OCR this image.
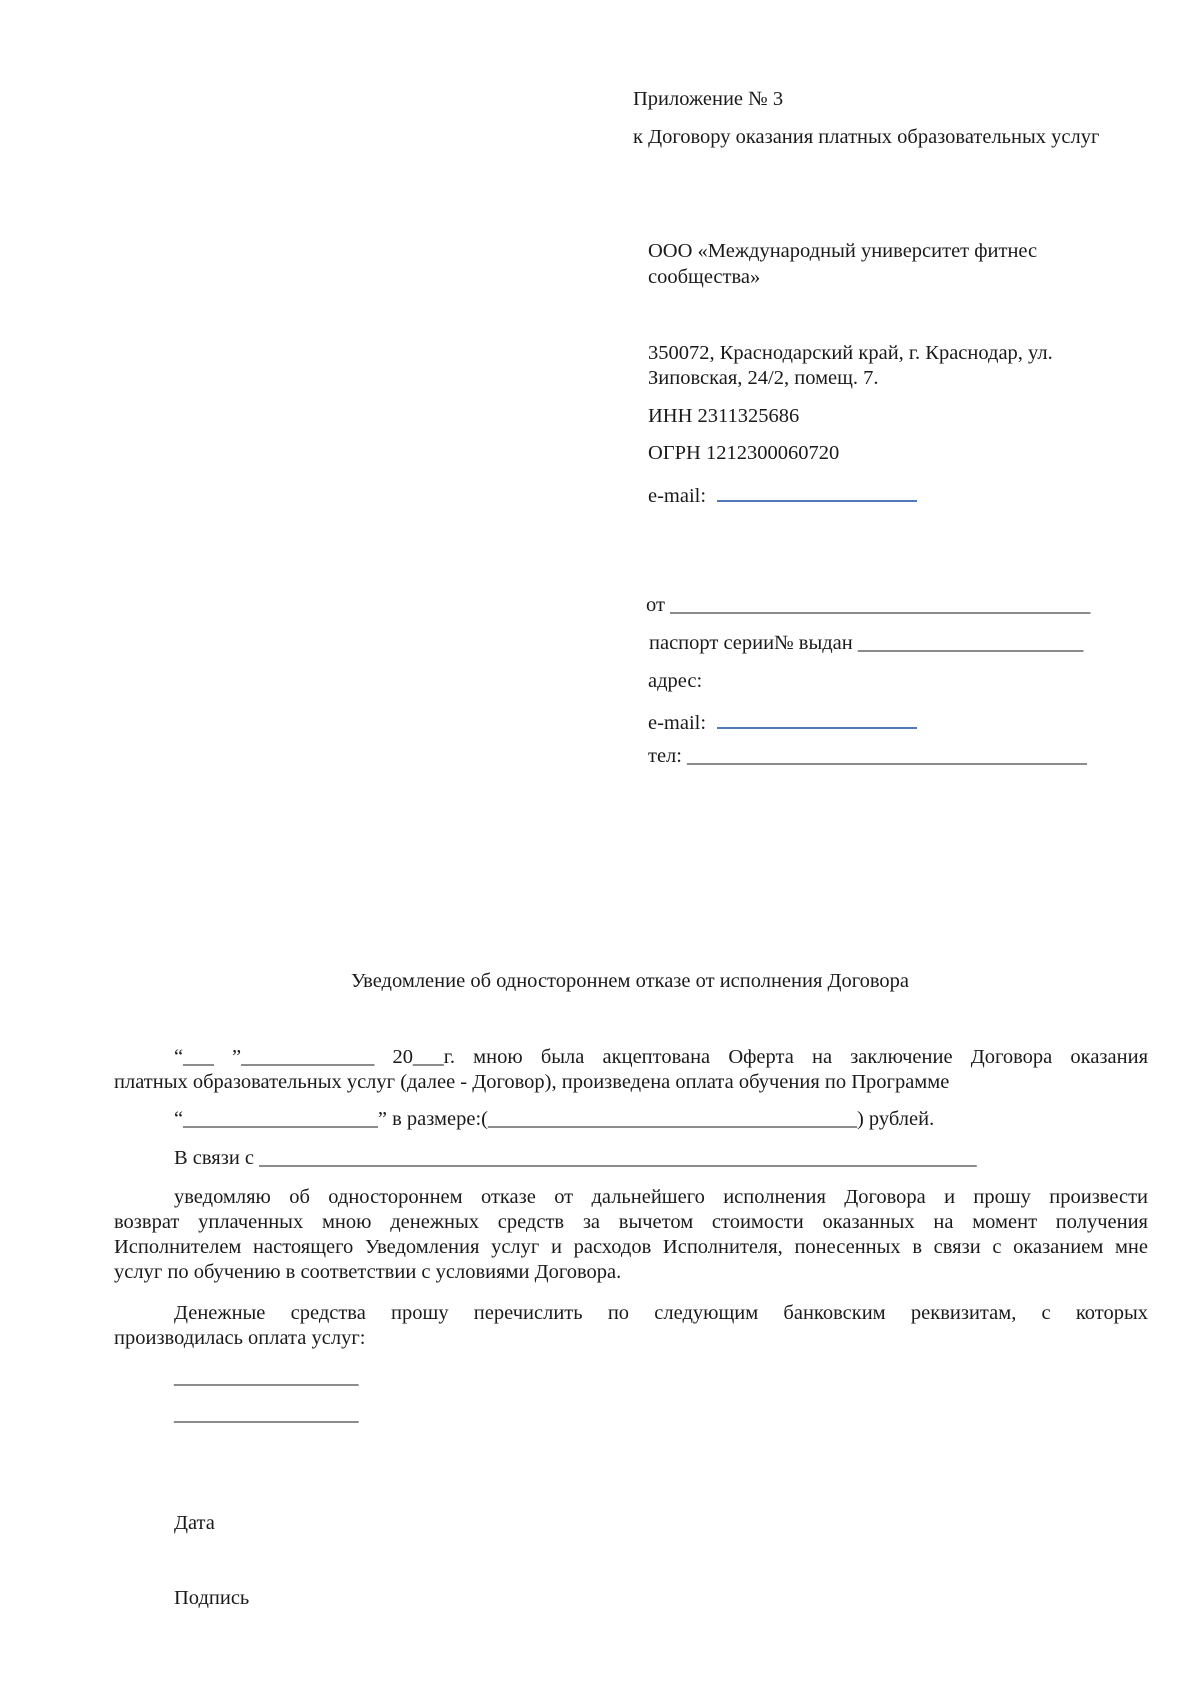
Приложение № 3
к Договору оказания платных образовательных услуг
ООО «Международный университет фитнес
сообщества»
350072, Краснодарский край, г. Краснодар, ул.
Зиповская, 24/2, помещ. 7.
ИНН 2311325686
ОГРН 1212300060720
e-mail:
от _________________________________________
паспорт серии№ выдан ______________________
адрес:
e-mail:
тел: _______________________________________
Уведомление об одностороннем отказе от исполнения Договора
“___ ”_____________ 20___г. мною была акцептована Оферта на заключение Договора оказания
платных образовательных услуг (далее - Договор), произведена оплата обучения по Программе
“___________________” в размере:(____________________________________) рублей.
В связи с ______________________________________________________________________
уведомляю об одностороннем отказе от дальнейшего исполнения Договора и прошу произвести
возврат уплаченных мною денежных средств за вычетом стоимости оказанных на момент получения
Исполнителем настоящего Уведомления услуг и расходов Исполнителя, понесенных в связи с оказанием мне
услуг по обучению в соответствии с условиями Договора.
Денежные средства прошу перечислить по следующим банковским реквизитам, с которых
производилась оплата услуг:
__________________
__________________
Дата
Подпись
